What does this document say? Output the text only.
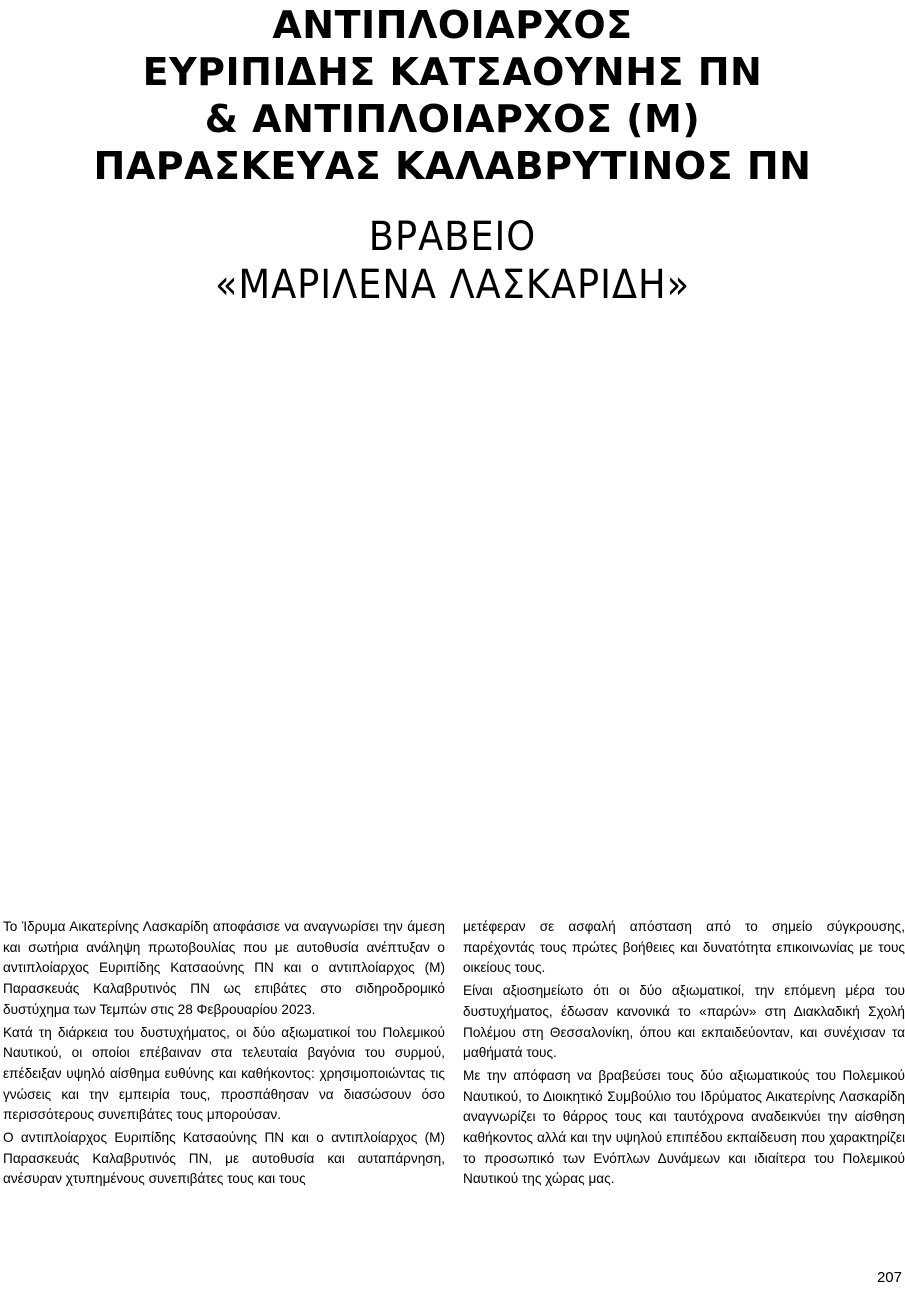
ΑΝΤΙΠΛΟΙΑΡΧΟΣ
ΕΥΡΙΠΙΔΗΣ ΚΑΤΣΑΟΥΝΗΣ ΠΝ
& ΑΝΤΙΠΛΟΙΑΡΧΟΣ (Μ)
ΠΑΡΑΣΚΕΥΑΣ ΚΑΛΑΒΡΥΤΙΝΟΣ ΠΝ
ΒΡΑΒΕΙΟ
«ΜΑΡΙΛΕΝΑ ΛΑΣΚΑΡΙΔΗ»

Το Ίδρυμα Αικατερίνης Λασκαρίδη αποφάσισε να αναγνωρίσει την άμεση και σωτήρια ανάληψη πρωτοβουλίας που με αυτοθυσία ανέπτυξαν ο αντιπλοίαρχος Ευριπίδης Κατσαούνης ΠΝ και ο αντιπλοίαρχος (Μ) Παρασκευάς Καλαβρυτινός ΠΝ ως επιβάτες στο σιδηροδρομικό δυστύχημα των Τεμπών στις 28 Φεβρουαρίου 2023.

Κατά τη διάρκεια του δυστυχήματος, οι δύο αξιωματικοί του Πολεμικού Ναυτικού, οι οποίοι επέβαιναν στα τελευταία βαγόνια του συρμού, επέδειξαν υψηλό αίσθημα ευθύνης και καθήκοντος: χρησιμοποιώντας τις γνώσεις και την εμπειρία τους, προσπάθησαν να διασώσουν όσο περισσότερους συνεπιβάτες τους μπορούσαν.

Ο αντιπλοίαρχος Ευριπίδης Κατσαούνης ΠΝ και ο αντιπλοίαρχος (Μ) Παρασκευάς Καλαβρυτινός ΠΝ, με αυτοθυσία και αυταπάρνηση, ανέσυραν χτυπημένους συνεπιβάτες τους και τους

μετέφεραν σε ασφαλή απόσταση από το σημείο σύγκρουσης, παρέχοντάς τους πρώτες βοήθειες και δυνατότητα επικοινωνίας με τους οικείους τους.

Είναι αξιοσημείωτο ότι οι δύο αξιωματικοί, την επόμενη μέρα του δυστυχήματος, έδωσαν κανονικά το «παρών» στη Διακλαδική Σχολή Πολέμου στη Θεσσαλονίκη, όπου και εκπαιδεύονταν, και συνέχισαν τα μαθήματά τους.

Με την απόφαση να βραβεύσει τους δύο αξιωματικούς του Πολεμικού Ναυτικού, το Διοικητικό Συμβούλιο του Ιδρύματος Αικατερίνης Λασκαρίδη αναγνωρίζει το θάρρος τους και ταυτόχρονα αναδεικνύει την αίσθηση καθήκοντος αλλά και την υψηλού επιπέδου εκπαίδευση που χαρακτηρίζει το προσωπικό των Ενόπλων Δυνάμεων και ιδιαίτερα του Πολεμικού Ναυτικού της χώρας μας.

207
